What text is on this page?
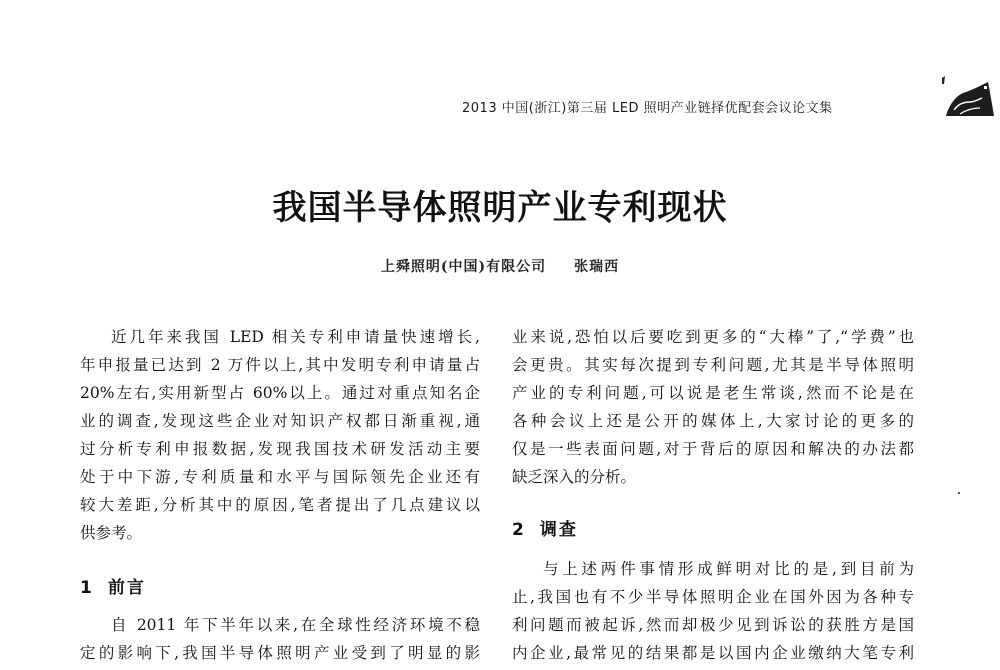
2013 中国(浙江)第三届 LED 照明产业链择优配套会议论文集
我国半导体照明产业专利现状
上舜照明(中国)有限公司 张瑞西
近几年来我国 LED 相关专利申请量快速增长,
年申报量已达到 2 万件以上,其中发明专利申请量占
20%左右,实用新型占 60%以上。通过对重点知名企
业的调查,发现这些企业对知识产权都日渐重视,通
过分析专利申报数据,发现我国技术研发活动主要
处于中下游,专利质量和水平与国际领先企业还有
较大差距,分析其中的原因,笔者提出了几点建议以
供参考。
1 前言
自 2011 年下半年以来,在全球性经济环境不稳
定的影响下,我国半导体照明产业受到了明显的影
业来说,恐怕以后要吃到更多的“大棒”了,“学费”也
会更贵。其实每次提到专利问题,尤其是半导体照明
产业的专利问题,可以说是老生常谈,然而不论是在
各种会议上还是公开的媒体上,大家讨论的更多的
仅是一些表面问题,对于背后的原因和解决的办法都
缺乏深入的分析。
2 调查
与上述两件事情形成鲜明对比的是,到目前为
止,我国也有不少半导体照明企业在国外因为各种专
利问题而被起诉,然而却极少见到诉讼的获胜方是国
内企业,最常见的结果都是以国内企业缴纳大笔专利
